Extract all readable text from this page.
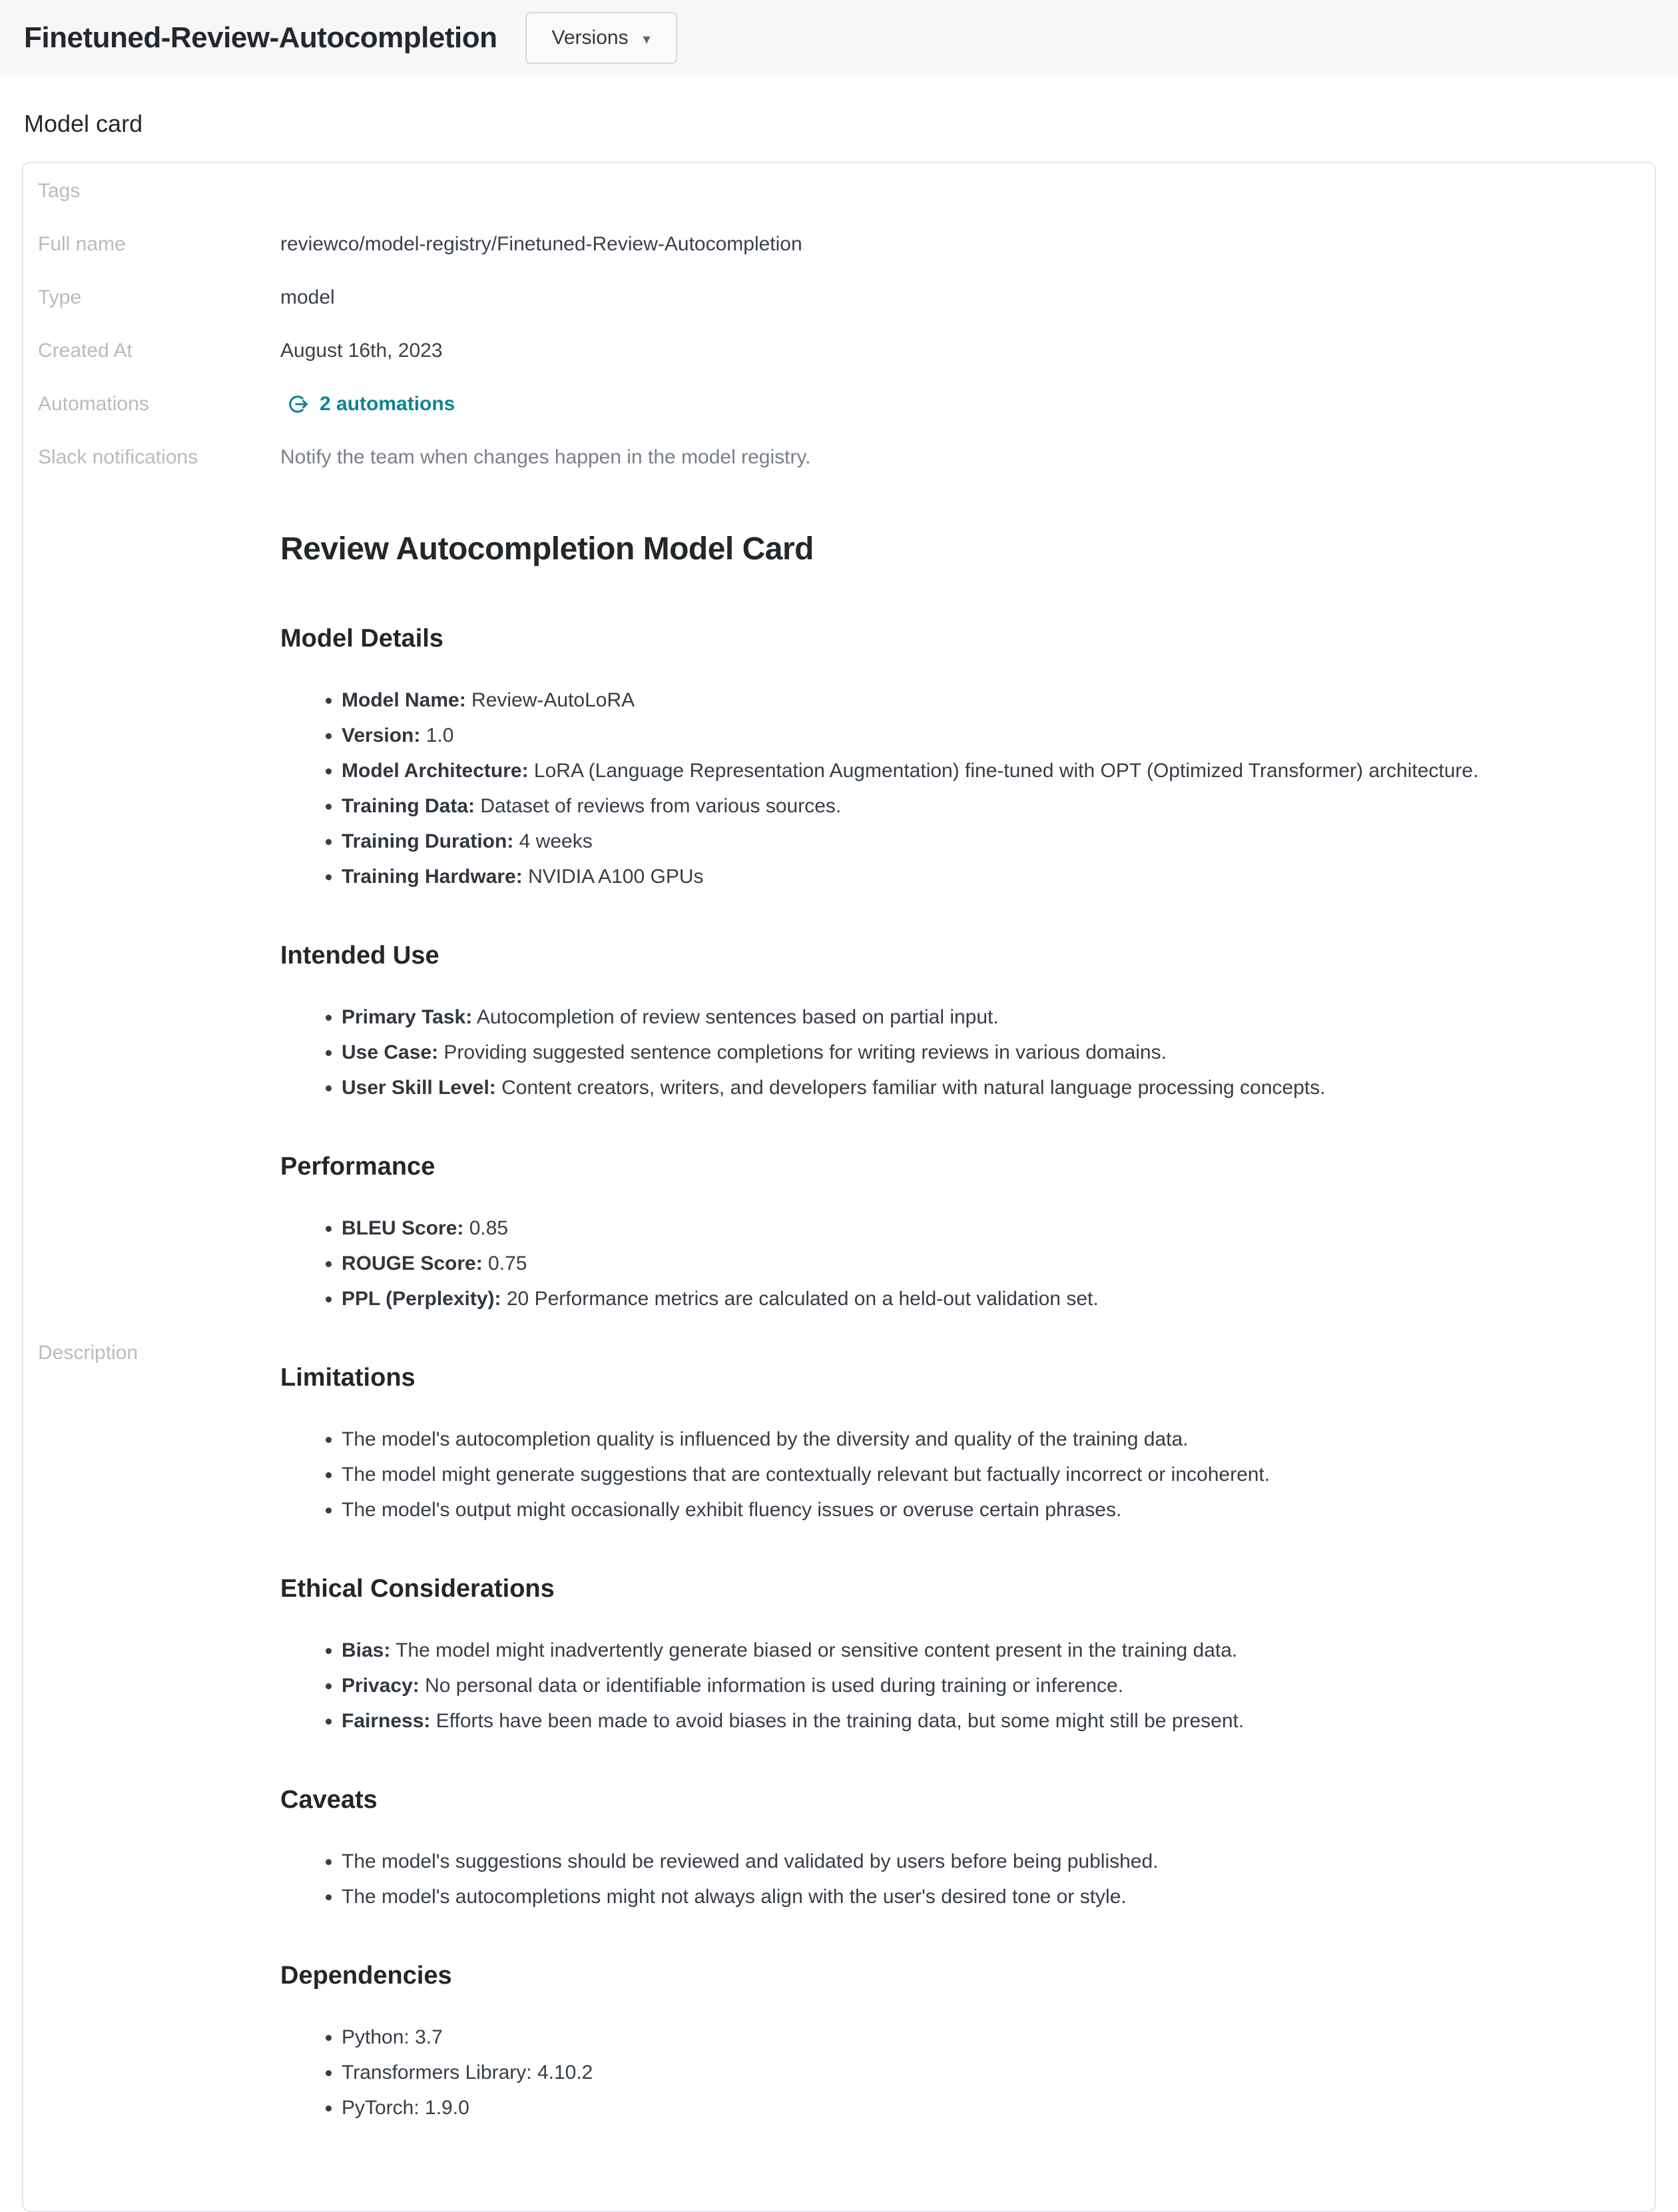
Finetuned-Review-Autocompletion	Versions ▾
Model card
Tags
Full name	reviewco/model-registry/Finetuned-Review-Autocompletion
Type	model
Created At	August 16th, 2023
Automations	2 automations
Slack notifications	Notify the team when changes happen in the model registry.
Description
Review Autocompletion Model Card
Model Details
• Model Name: Review-AutoLoRA
• Version: 1.0
• Model Architecture: LoRA (Language Representation Augmentation) fine-tuned with OPT (Optimized Transformer) architecture.
• Training Data: Dataset of reviews from various sources.
• Training Duration: 4 weeks
• Training Hardware: NVIDIA A100 GPUs
Intended Use
• Primary Task: Autocompletion of review sentences based on partial input.
• Use Case: Providing suggested sentence completions for writing reviews in various domains.
• User Skill Level: Content creators, writers, and developers familiar with natural language processing concepts.
Performance
• BLEU Score: 0.85
• ROUGE Score: 0.75
• PPL (Perplexity): 20 Performance metrics are calculated on a held-out validation set.
Limitations
• The model's autocompletion quality is influenced by the diversity and quality of the training data.
• The model might generate suggestions that are contextually relevant but factually incorrect or incoherent.
• The model's output might occasionally exhibit fluency issues or overuse certain phrases.
Ethical Considerations
• Bias: The model might inadvertently generate biased or sensitive content present in the training data.
• Privacy: No personal data or identifiable information is used during training or inference.
• Fairness: Efforts have been made to avoid biases in the training data, but some might still be present.
Caveats
• The model's suggestions should be reviewed and validated by users before being published.
• The model's autocompletions might not always align with the user's desired tone or style.
Dependencies
• Python: 3.7
• Transformers Library: 4.10.2
• PyTorch: 1.9.0
